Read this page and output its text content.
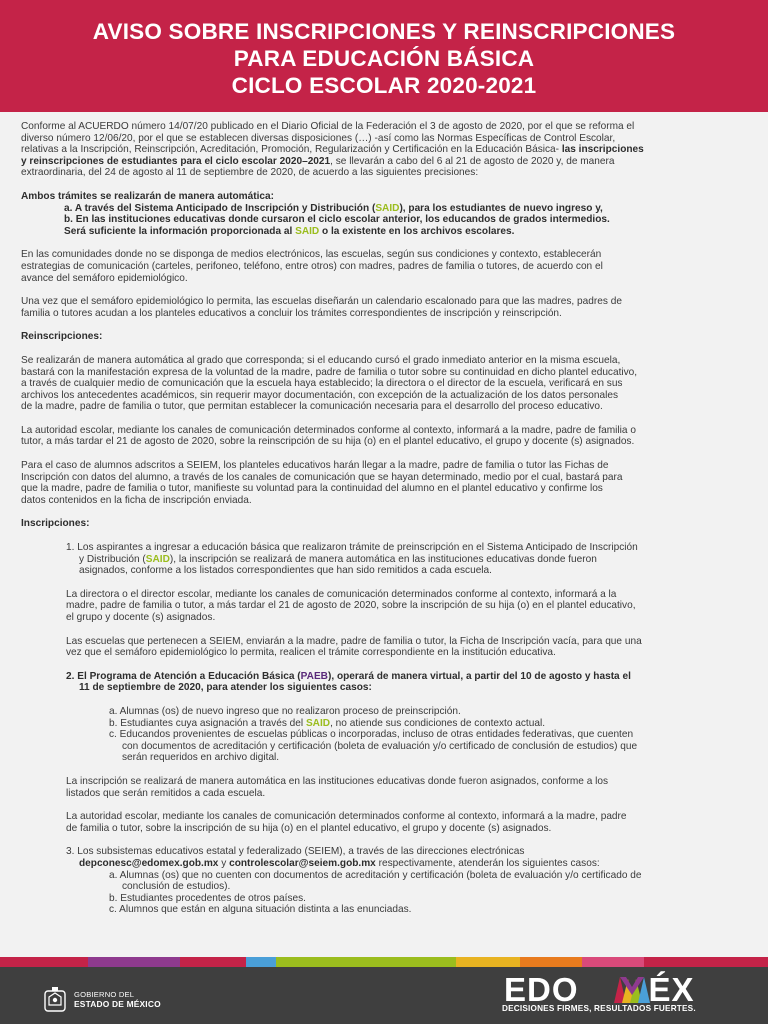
AVISO SOBRE INSCRIPCIONES Y REINSCRIPCIONES
PARA EDUCACIÓN BÁSICA
CICLO ESCOLAR 2020-2021

Conforme al ACUERDO número 14/07/20 publicado en el Diario Oficial de la Federación el 3 de agosto de 2020, por el que se reforma el
diverso número 12/06/20, por el que se establecen diversas disposiciones (…) -así como las Normas Específicas de Control Escolar,
relativas a la Inscripción, Reinscripción, Acreditación, Promoción, Regularización y Certificación en la Educación Básica- las inscripciones
y reinscripciones de estudiantes para el ciclo escolar 2020–2021, se llevarán a cabo del 6 al 21 de agosto de 2020 y, de manera
extraordinaria, del 24 de agosto al 11 de septiembre de 2020, de acuerdo a las siguientes precisiones:

Ambos trámites se realizarán de manera automática:

a. A través del Sistema Anticipado de Inscripción y Distribución (SAID), para los estudiantes de nuevo ingreso y,

b. En las instituciones educativas donde cursaron el ciclo escolar anterior, los educandos de grados intermedios.

Será suficiente la información proporcionada al SAID o la existente en los archivos escolares.

En las comunidades donde no se disponga de medios electrónicos, las escuelas, según sus condiciones y contexto, establecerán
estrategias de comunicación (carteles, perifoneo, teléfono, entre otros) con madres, padres de familia o tutores, de acuerdo con el
avance del semáforo epidemiológico.

Una vez que el semáforo epidemiológico lo permita, las escuelas diseñarán un calendario escalonado para que las madres, padres de
familia o tutores acudan a los planteles educativos a concluir los trámites correspondientes de inscripción y reinscripción.

Reinscripciones:

Se realizarán de manera automática al grado que corresponda; si el educando cursó el grado inmediato anterior en la misma escuela,
bastará con la manifestación expresa de la voluntad de la madre, padre de familia o tutor sobre su continuidad en dicho plantel educativo,
a través de cualquier medio de comunicación que la escuela haya establecido; la directora o el director de la escuela, verificará en sus
archivos los antecedentes académicos, sin requerir mayor documentación, con excepción de la actualización de los datos personales
de la madre, padre de familia o tutor, que permitan establecer la comunicación necesaria para el desarrollo del proceso educativo.

La autoridad escolar, mediante los canales de comunicación determinados conforme al contexto, informará a la madre, padre de familia o
tutor, a más tardar el 21 de agosto de 2020, sobre la reinscripción de su hija (o) en el plantel educativo, el grupo y docente (s) asignados.

Para el caso de alumnos adscritos a SEIEM, los planteles educativos harán llegar a la madre, padre de familia o tutor las Fichas de
Inscripción con datos del alumno, a través de los canales de comunicación que se hayan determinado, medio por el cual, bastará para
que la madre, padre de familia o tutor, manifieste su voluntad para la continuidad del alumno en el plantel educativo y confirme los
datos contenidos en la ficha de inscripción enviada.

Inscripciones:

1. Los aspirantes a ingresar a educación básica que realizaron trámite de preinscripción en el Sistema Anticipado de Inscripción
y Distribución (SAID), la inscripción se realizará de manera automática en las instituciones educativas donde fueron
asignados, conforme a los listados correspondientes que han sido remitidos a cada escuela.

La directora o el director escolar, mediante los canales de comunicación determinados conforme al contexto, informará a la
madre, padre de familia o tutor, a más tardar el 21 de agosto de 2020, sobre la inscripción de su hija (o) en el plantel educativo,
el grupo y docente (s) asignados.

Las escuelas que pertenecen a SEIEM, enviarán a la madre, padre de familia o tutor, la Ficha de Inscripción vacía, para que una
vez que el semáforo epidemiológico lo permita, realicen el trámite correspondiente en la institución educativa.

2. El Programa de Atención a Educación Básica (PAEB), operará de manera virtual, a partir del 10 de agosto y hasta el
11 de septiembre de 2020, para atender los siguientes casos:

a. Alumnas (os) de nuevo ingreso que no realizaron proceso de preinscripción.

b. Estudiantes cuya asignación a través del SAID, no atiende sus condiciones de contexto actual.

c. Educandos provenientes de escuelas públicas o incorporadas, incluso de otras entidades federativas, que cuenten
con documentos de acreditación y certificación (boleta de evaluación y/o certificado de conclusión de estudios) que
serán requeridos en archivo digital.

La inscripción se realizará de manera automática en las instituciones educativas donde fueron asignados, conforme a los
listados que serán remitidos a cada escuela.

La autoridad escolar, mediante los canales de comunicación determinados conforme al contexto, informará a la madre, padre
de familia o tutor, sobre la inscripción de su hija (o) en el plantel educativo, el grupo y docente (s) asignados.

3. Los subsistemas educativos estatal y federalizado (SEIEM), a través de las direcciones electrónicas
depconesc@edomex.gob.mx y controlescolar@seiem.gob.mx respectivamente, atenderán los siguientes casos:

a. Alumnas (os) que no cuenten con documentos de acreditación y certificación (boleta de evaluación y/o certificado de
conclusión de estudios).

b. Estudiantes procedentes de otros países.

c. Alumnos que están en alguna situación distinta a las enunciadas.

GOBIERNO DEL
ESTADO DE MÉXICO	EDO ÉX
DECISIONES FIRMES, RESULTADOS FUERTES.
